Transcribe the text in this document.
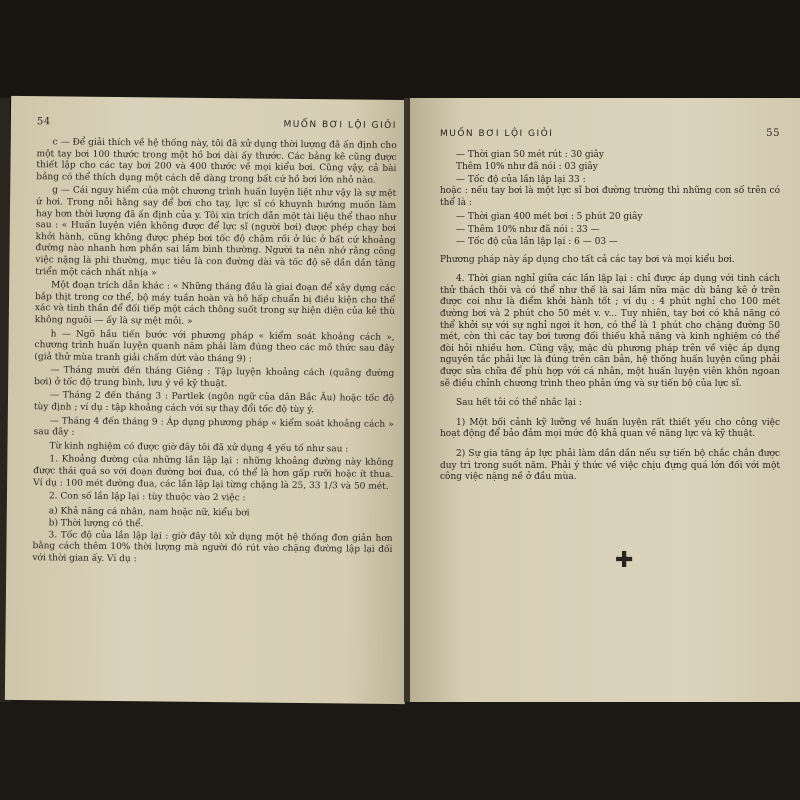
54	MUỐN BƠI LỘI GIỎI

c — Để giải thích về hệ thống này, tôi đã xử dụng thời lượng đã ấn định cho một tay bơi 100 thước trong một hồ bơi dài ấy thước. Các bảng kê cũng được thiết lập cho các tay bơi 200 và 400 thước về mọi kiểu bơi. Cũng vậy, cả bài bảng có thể thích dụng một cách dễ dàng trong bất cứ hồ bơi lớn nhỏ nào.

g — Cái nguy hiểm của một chương trình huấn luyện liệt như vậy là sự mệt ứ hơi. Trong nỗi hằng say để bơi cho tay, lực sĩ có khuynh hướng muốn làm hay hơn thời lượng đã ấn định của y. Tôi xin trích dẫn một tài liệu thể thao như sau : « Huấn luyện viên không được để lực sĩ (người bơi) được phép chạy bơi khởi hành, cũng không được phép bơi tốc độ chậm rồi ở lúc ở bất cứ khoảng đường nào nhanh hơn phần sai lầm bình thường. Người ta nên nhớ rằng công việc nặng là phi thường, mục tiêu là con đường dài và tốc độ sẽ dần dần tăng triển một cách nhất nhịa »

Một đoạn trích dẫn khác : « Những tháng đầu là giai đoạn để xây dựng các bắp thịt trong cơ thể, bộ máy tuần hoàn và hô hấp chuẩn bị điều kiện cho thể xác và tinh thần để đối tiếp một cách thông suốt trong sự hiện diện của kẻ thù không nguôi — ấy là sự mệt mỏi. »

h — Ngõ hầu tiến bước với phương pháp « kiểm soát khoảng cách », chương trình huấn luyện quanh năm phải làm đúng theo các mô thức sau đây (giả thử mùa tranh giải chấm dứt vào tháng 9) :

— Tháng mười đến tháng Giêng : Tập luyện khoảng cách (quãng đường bơi) ở tốc độ trung bình, lưu ý về kỹ thuật.

— Tháng 2 đến tháng 3 : Partlek (ngôn ngữ của dân Bắc Âu) hoặc tốc độ tùy định ; ví dụ : tập khoảng cách với sự thay đổi tốc độ tùy ý.

— Tháng 4 đến tháng 9 : Áp dụng phương pháp « kiểm soát khoảng cách » sau đây :

Từ kinh nghiệm có được giờ đây tôi đã xử dụng 4 yếu tố như sau :

1. Khoảng đường của những lần lập lại : những khoảng đường này không được thái quá so với đoạn đường bơi đua, có thể là hơn gấp rưỡi hoặc ít thua. Ví dụ : 100 mét đường đua, các lần lập lại từng chặng là 25, 33 1/3 và 50 mét.

2. Con số lần lập lại : tùy thuộc vào 2 việc :

a) Khả năng cá nhân, nam hoặc nữ, kiểu bơi
b) Thời lượng có thể.

3. Tốc độ của lần lập lại : giờ đây tôi xử dụng một hệ thống đơn giản hơn bằng cách thêm 10% thời lượng mà người đó rút vào chặng đường lập lại đối với thời gian ấy. Ví dụ :

MUỐN BƠI LỘI GIỎI	55
— Thời gian 50 mét rút : 30 giây
Thêm 10% như đã nói : 03 giây
— Tốc độ của lần lập lại 33 :

hoặc : nếu tay bơi là một lực sĩ bơi đường trường thì những con số trên có thể là :

— Thời gian 400 mét bơi : 5 phút 20 giây
— Thêm 10% như đã nói : 33 —
— Tốc độ của lần lập lại : 6 — 03 —

Phương pháp này áp dụng cho tất cả các tay bơi và mọi kiểu bơi.

4. Thời gian nghỉ giữa các lần lập lại : chỉ được áp dụng với tinh cách thử thách thôi và có thể như thế là sai lầm nữa mặc dù bảng kê ở trên được coi như là điểm khởi hành tốt ; ví dụ : 4 phút nghỉ cho 100 mét đường bơi và 2 phút cho 50 mét v. v... Tuy nhiên, tay bơi có khả năng có thể khởi sự với sự nghỉ ngơi ít hơn, có thể là 1 phút cho chặng đường 50 mét, còn thì các tay bơi tương đối thiếu khả năng và kinh nghiệm có thể đòi hỏi nhiều hơn. Cũng vậy, mặc dù phương pháp trên về việc áp dụng nguyên tắc phải lực là đúng trên căn bản, hệ thống huấn luyện cũng phải được sửa chữa để phù hợp với cá nhân, một huấn luyện viên khôn ngoan sẽ điều chỉnh chương trình theo phản ứng và sự tiến bộ của lực sĩ.

Sau hết tôi có thể nhắc lại :

1) Một bối cảnh kỹ lưỡng về huấn luyện rất thiết yếu cho công việc hoạt động để bảo đảm mọi mức độ khả quan về năng lực và kỹ thuật.

2) Sự gia tăng áp lực phải làm dần dần nếu sự tiến bộ chắc chắn được duy trì trong suốt năm. Phải ý thức về việc chịu đựng quá lớn đối với một công việc nặng nề ở đầu mùa.

✚
